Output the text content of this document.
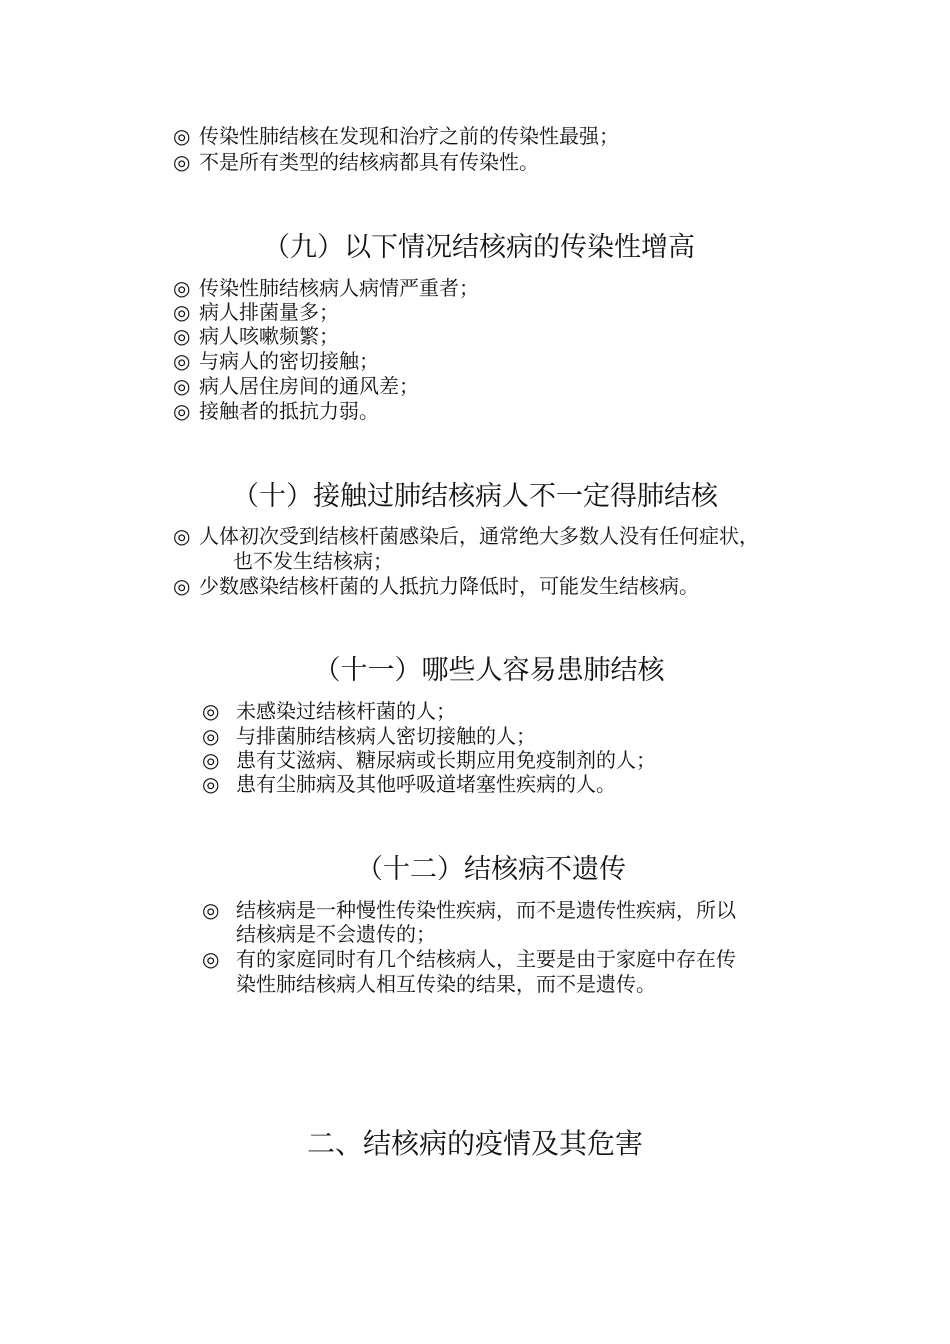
◎ 传染性肺结核在发现和治疗之前的传染性最强；
◎ 不是所有类型的结核病都具有传染性。
（九）以下情况结核病的传染性增高
◎ 传染性肺结核病人病情严重者；
◎ 病人排菌量多；
◎ 病人咳嗽频繁；
◎ 与病人的密切接触；
◎ 病人居住房间的通风差；
◎ 接触者的抵抗力弱。
（十）接触过肺结核病人不一定得肺结核
◎ 人体初次受到结核杆菌感染后，通常绝大多数人没有任何症状，
也不发生结核病；
◎ 少数感染结核杆菌的人抵抗力降低时，可能发生结核病。
（十一）哪些人容易患肺结核
◎ 未感染过结核杆菌的人；
◎ 与排菌肺结核病人密切接触的人；
◎ 患有艾滋病、糖尿病或长期应用免疫制剂的人；
◎ 患有尘肺病及其他呼吸道堵塞性疾病的人。
（十二）结核病不遗传
◎ 结核病是一种慢性传染性疾病，而不是遗传性疾病，所以
结核病是不会遗传的；
◎ 有的家庭同时有几个结核病人，主要是由于家庭中存在传
染性肺结核病人相互传染的结果，而不是遗传。
二、结核病的疫情及其危害
